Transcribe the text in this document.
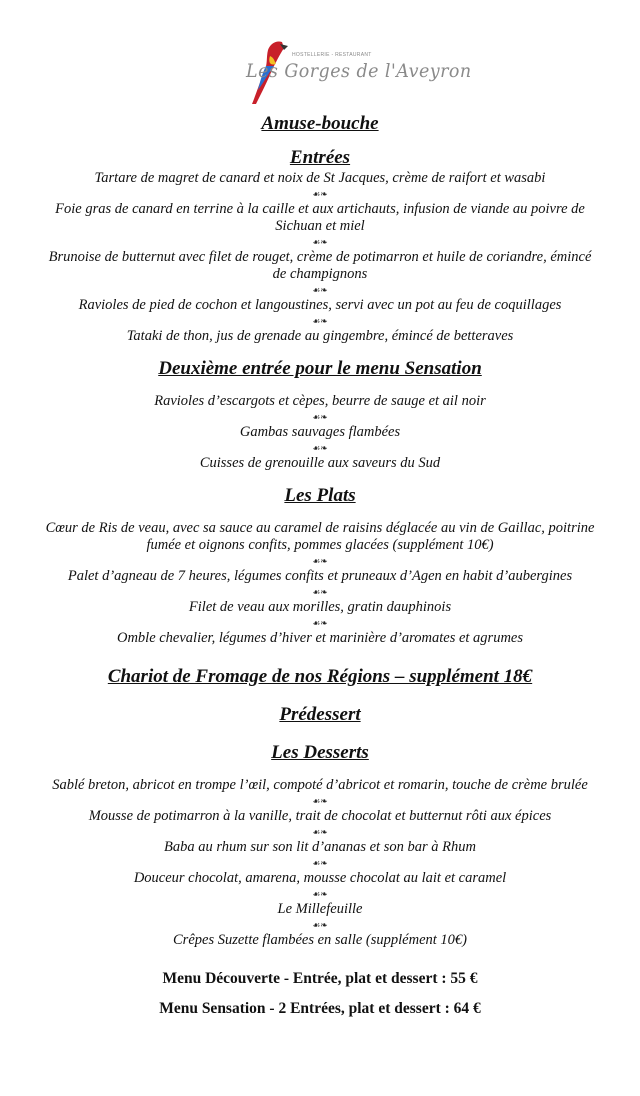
HOSTELLERIE - RESTAURANT
Les Gorges de l'Aveyron
Amuse-bouche
Entrées
Tartare de magret de canard et noix de St Jacques, crème de raifort et wasabi
☙❧
Foie gras de canard en terrine à la caille et aux artichauts, infusion de viande au poivre de Sichuan et miel
☙❧
Brunoise de butternut avec filet de rouget, crème de potimarron et huile de coriandre, émincé de champignons
☙❧
Ravioles de pied de cochon et langoustines, servi avec un pot au feu de coquillages
☙❧
Tataki de thon, jus de grenade au gingembre, émincé de betteraves
Deuxième entrée pour le menu Sensation
Ravioles d’escargots et cèpes, beurre de sauge et ail noir
☙❧
Gambas sauvages flambées
☙❧
Cuisses de grenouille aux saveurs du Sud
Les Plats
Cœur de Ris de veau, avec sa sauce au caramel de raisins déglacée au vin de Gaillac, poitrine fumée et oignons confits, pommes glacées (supplément 10€)
☙❧
Palet d’agneau de 7 heures, légumes confits et pruneaux d’Agen en habit d’aubergines
☙❧
Filet de veau aux morilles, gratin dauphinois
☙❧
Omble chevalier, légumes d’hiver et marinière d’aromates et agrumes
Chariot de Fromage de nos Régions – supplément 18€
Prédessert
Les Desserts
Sablé breton, abricot en trompe l’œil, compoté d’abricot et romarin, touche de crème brulée
☙❧
Mousse de potimarron à la vanille, trait de chocolat et butternut rôti aux épices
☙❧
Baba au rhum sur son lit d’ananas et son bar à Rhum
☙❧
Douceur chocolat, amarena, mousse chocolat au lait et caramel
☙❧
Le Millefeuille
☙❧
Crêpes Suzette flambées en salle (supplément 10€)
Menu Découverte - Entrée, plat et dessert : 55 €
Menu Sensation - 2 Entrées, plat et dessert : 64 €
